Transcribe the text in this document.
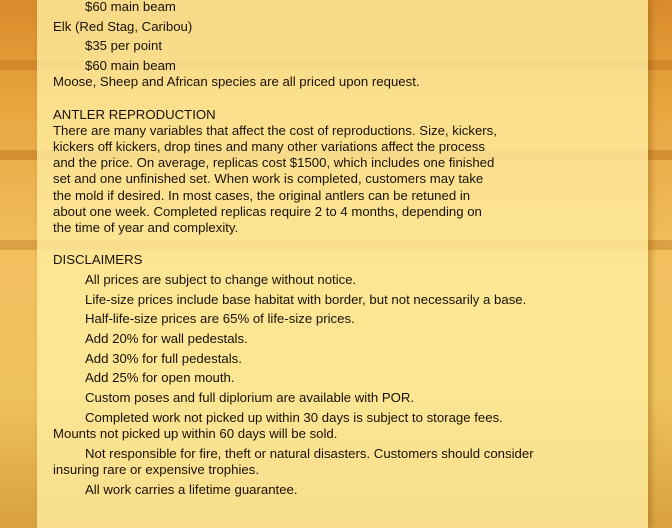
$60 main beam
Elk (Red Stag, Caribou)
$35 per point
$60 main beam
Moose, Sheep and African species are all priced upon request.
ANTLER REPRODUCTION
There are many variables that affect the cost of reproductions. Size, kickers,
kickers off kickers, drop tines and many other variations affect the process
and the price. On average, replicas cost $1500, which includes one finished
set and one unfinished set. When work is completed, customers may take
the mold if desired. In most cases, the original antlers can be retuned in
about one week. Completed replicas require 2 to 4 months, depending on
the time of year and complexity.
DISCLAIMERS
All prices are subject to change without notice.
Life-size prices include base habitat with border, but not necessarily a base.
Half-life-size prices are 65% of life-size prices.
Add 20% for wall pedestals.
Add 30% for full pedestals.
Add 25% for open mouth.
Custom poses and full diplorium are available with POR.
Completed work not picked up within 30 days is subject to storage fees. Mounts not picked up within 60 days will be sold.
Not responsible for fire, theft or natural disasters. Customers should consider insuring rare or expensive trophies.
All work carries a lifetime guarantee.
